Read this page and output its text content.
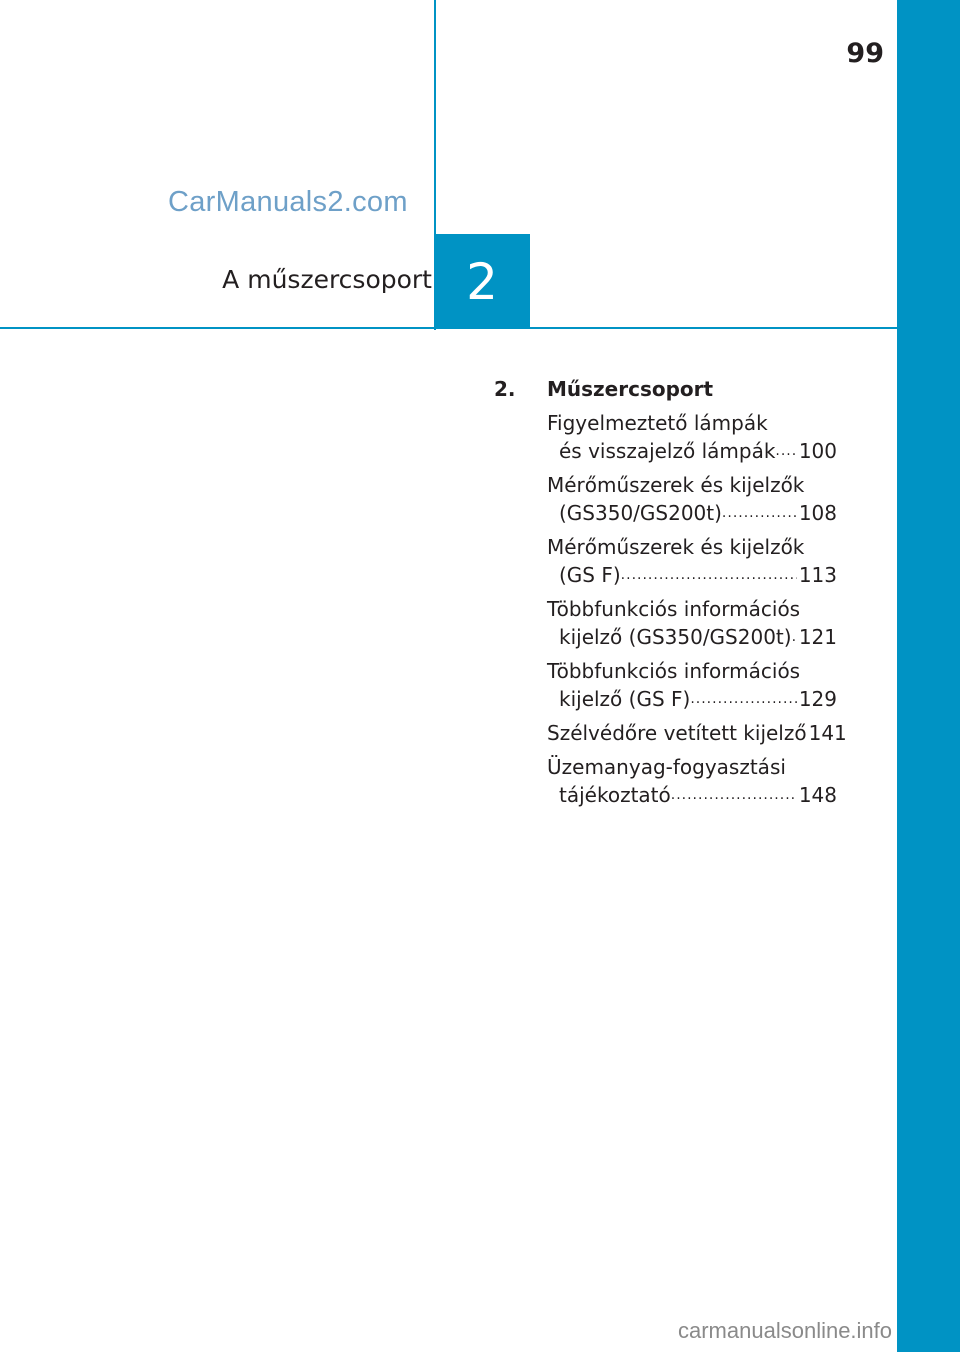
99
CarManuals2.com
A műszercsoport 2
2. Műszercsoport
Figyelmeztető lámpák
és visszajelző lámpák ..... 100
Mérőműszerek és kijelzők
(GS350/GS200t) .....	108
Mérőműszerek és kijelzők
(GS F) .....	113
Többfunkciós információs
kijelző (GS350/GS200t) ..... 121
Többfunkciós információs
kijelző (GS F) .....	129
Szélvédőre vetített kijelző 141
Üzemanyag-fogyasztási
tájékoztató .....	148
carmanualsonline.info
